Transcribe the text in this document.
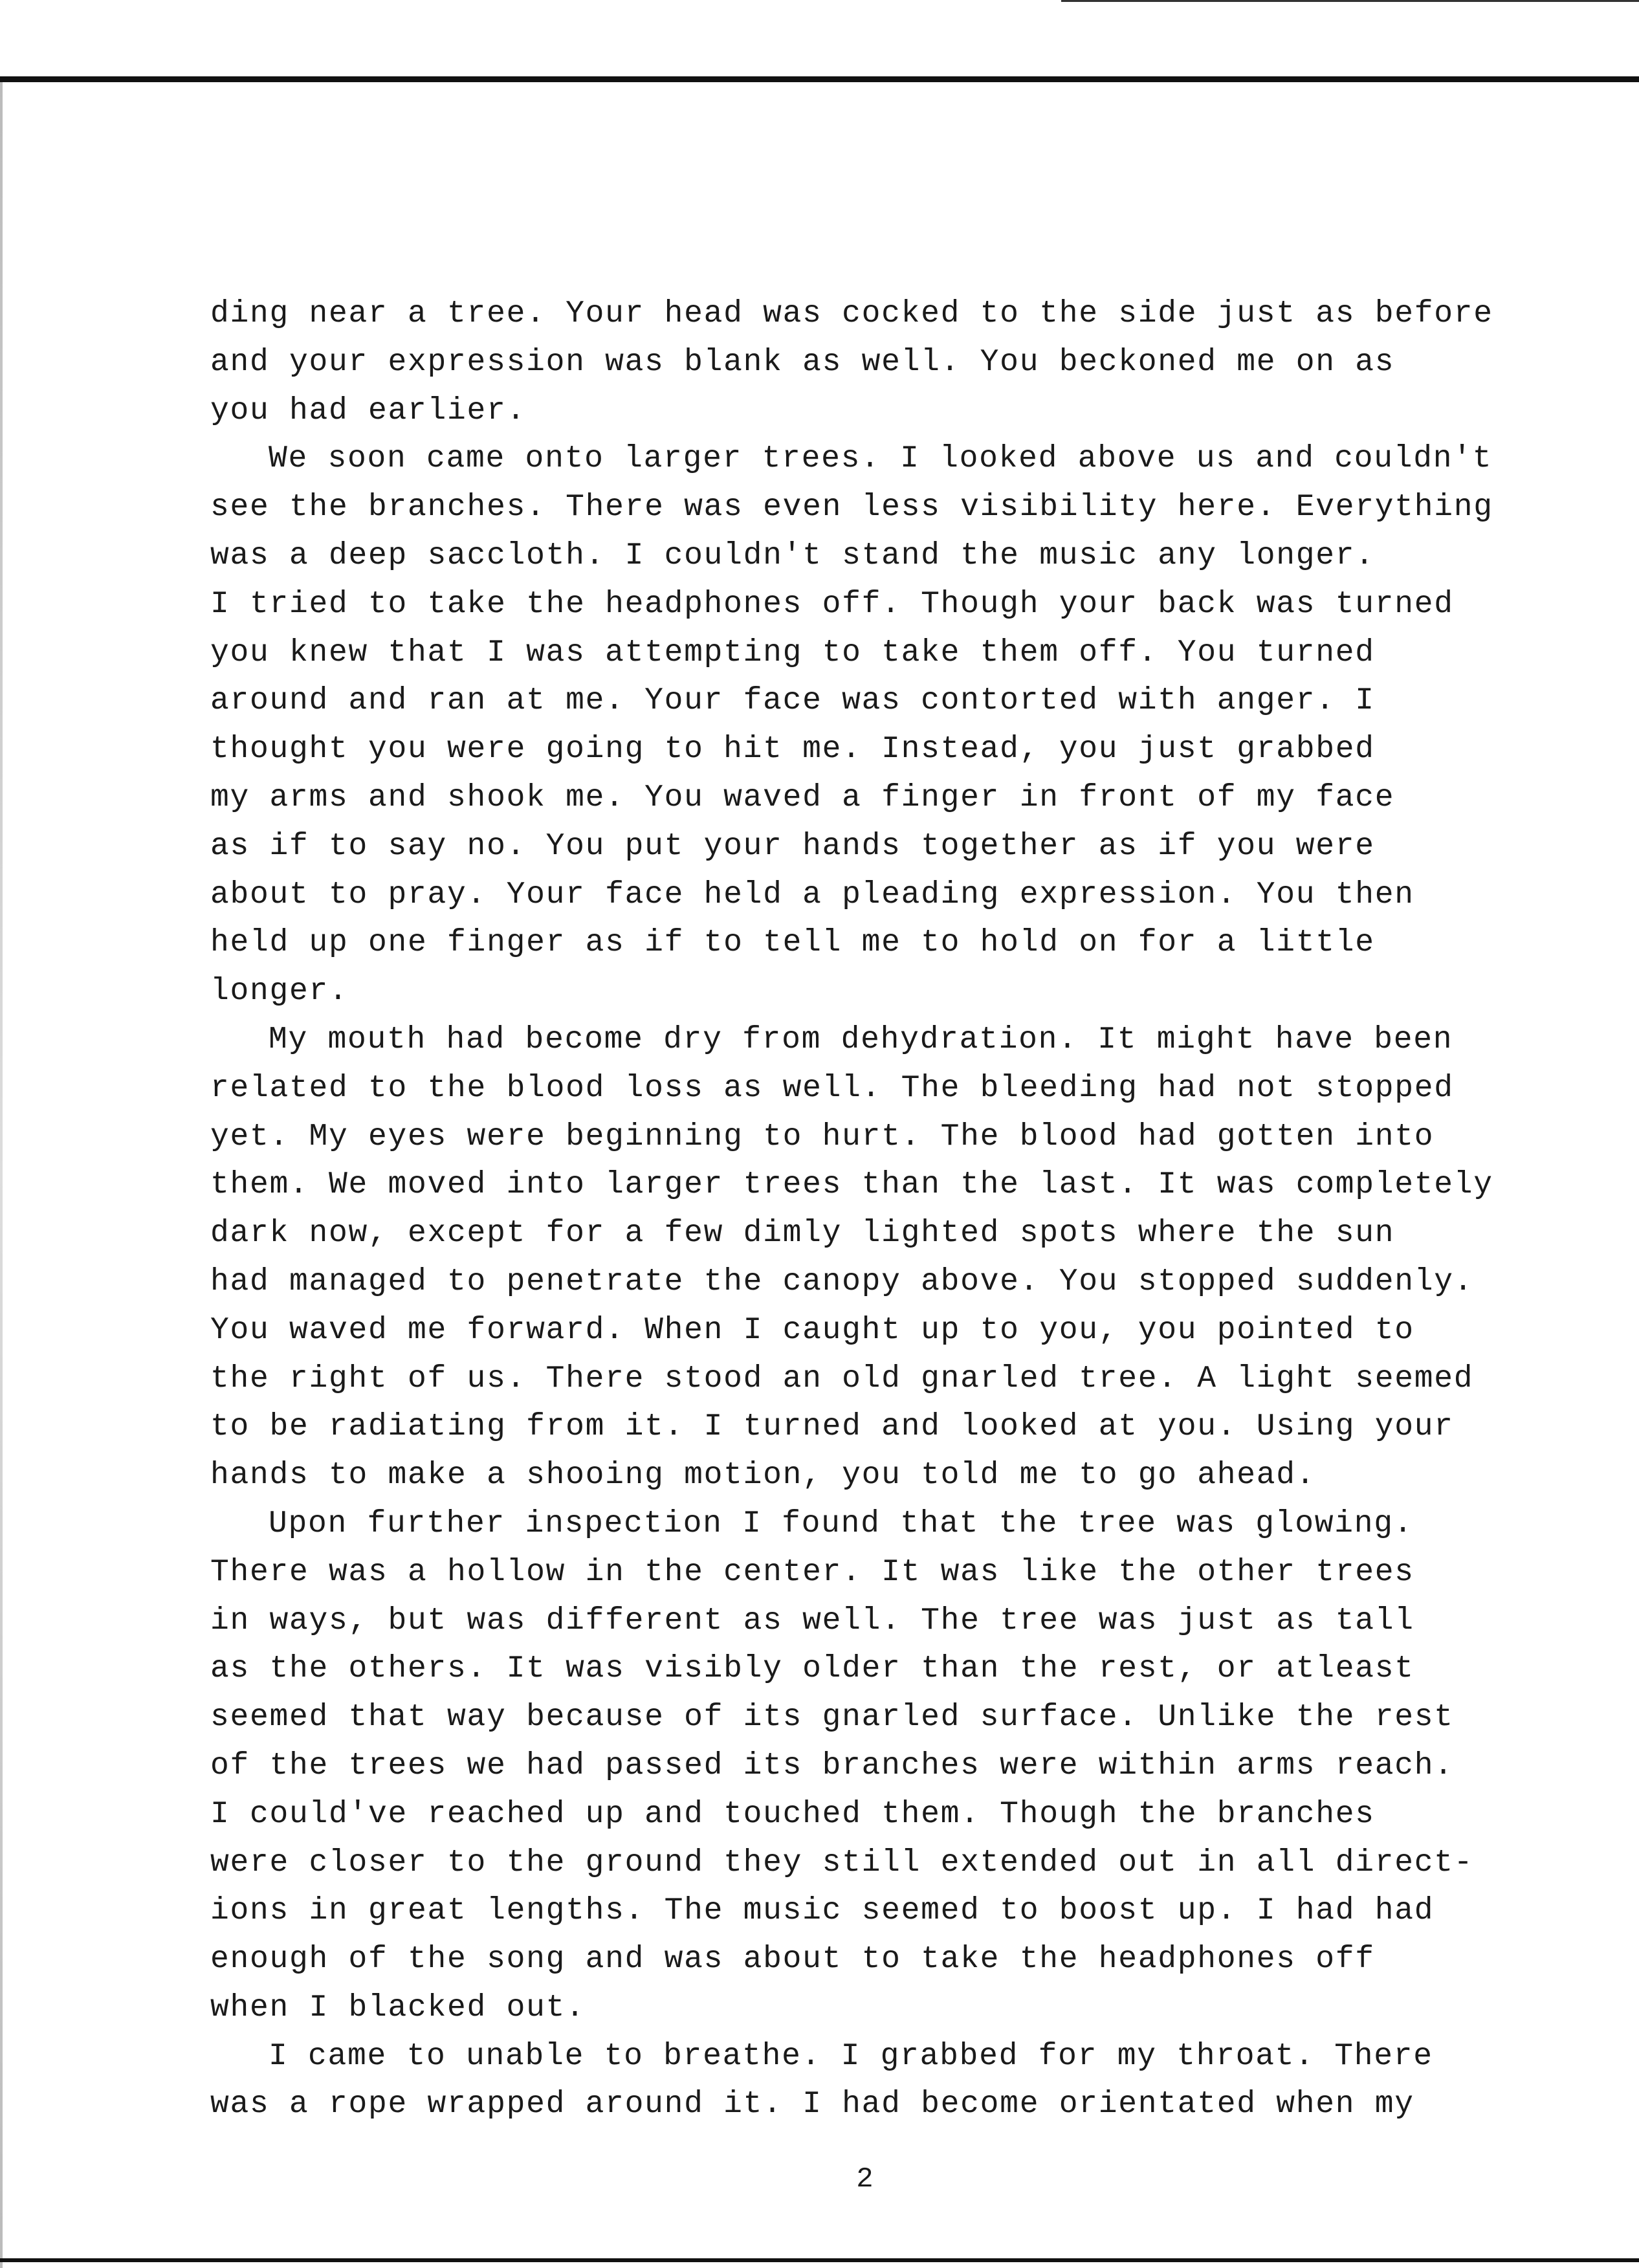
ding near a tree. Your head was cocked to the side just as before
and your expression was blank as well. You beckoned me on as
you had earlier.
We soon came onto larger trees. I looked above us and couldn't
see the branches. There was even less visibility here. Everything
was a deep saccloth. I couldn't stand the music any longer.
I tried to take the headphones off. Though your back was turned
you knew that I was attempting to take them off. You turned
around and ran at me. Your face was contorted with anger. I
thought you were going to hit me. Instead, you just grabbed
my arms and shook me. You waved a finger in front of my face
as if to say no. You put your hands together as if you were
about to pray. Your face held a pleading expression. You then
held up one finger as if to tell me to hold on for a little
longer.
My mouth had become dry from dehydration. It might have been
related to the blood loss as well. The bleeding had not stopped
yet. My eyes were beginning to hurt. The blood had gotten into
them. We moved into larger trees than the last. It was completely
dark now, except for a few dimly lighted spots where the sun
had managed to penetrate the canopy above. You stopped suddenly.
You waved me forward. When I caught up to you, you pointed to
the right of us. There stood an old gnarled tree. A light seemed
to be radiating from it. I turned and looked at you. Using your
hands to make a shooing motion, you told me to go ahead.
Upon further inspection I found that the tree was glowing.
There was a hollow in the center. It was like the other trees
in ways, but was different as well. The tree was just as tall
as the others. It was visibly older than the rest, or atleast
seemed that way because of its gnarled surface. Unlike the rest
of the trees we had passed its branches were within arms reach.
I could've reached up and touched them. Though the branches
were closer to the ground they still extended out in all direct-
ions in great lengths. The music seemed to boost up. I had had
enough of the song and was about to take the headphones off
when I blacked out.
I came to unable to breathe. I grabbed for my throat. There
was a rope wrapped around it. I had become orientated when my
2
